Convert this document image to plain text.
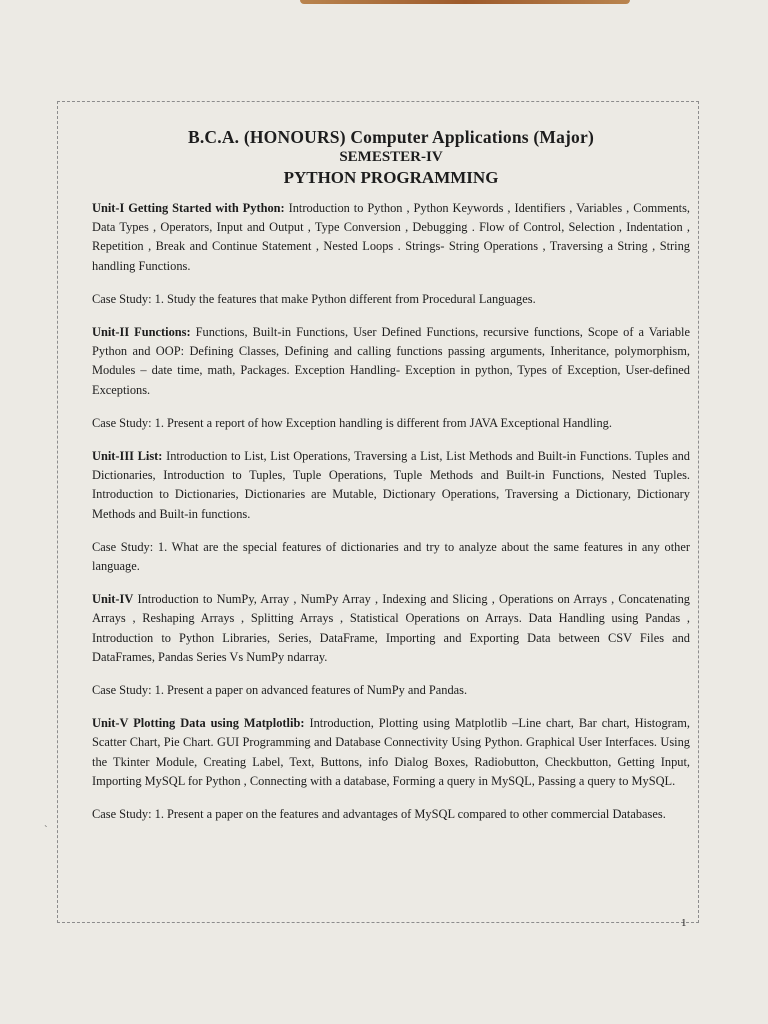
`
B.C.A. (HONOURS) Computer Applications (Major)
SEMESTER-IV
PYTHON PROGRAMMING

Unit-I Getting Started with Python: Introduction to Python , Python Keywords , Identifiers , Variables , Comments, Data Types , Operators, Input and Output , Type Conversion , Debugging . Flow of Control, Selection , Indentation , Repetition , Break and Continue Statement , Nested Loops . Strings- String Operations , Traversing a String , String handling Functions.

Case Study: 1. Study the features that make Python different from Procedural Languages.

Unit-II Functions: Functions, Built-in Functions, User Defined Functions, recursive functions, Scope of a Variable Python and OOP: Defining Classes, Defining and calling functions passing arguments, Inheritance, polymorphism, Modules – date time, math, Packages. Exception Handling- Exception in python, Types of Exception, User-defined Exceptions.

Case Study: 1. Present a report of how Exception handling is different from JAVA Exceptional Handling.

Unit-III List: Introduction to List, List Operations, Traversing a List, List Methods and Built-in Functions. Tuples and Dictionaries, Introduction to Tuples, Tuple Operations, Tuple Methods and Built-in Functions, Nested Tuples. Introduction to Dictionaries, Dictionaries are Mutable, Dictionary Operations, Traversing a Dictionary, Dictionary Methods and Built-in functions.

Case Study: 1. What are the special features of dictionaries and try to analyze about the same features in any other language.

Unit-IV Introduction to NumPy, Array , NumPy Array , Indexing and Slicing , Operations on Arrays , Concatenating Arrays , Reshaping Arrays , Splitting Arrays , Statistical Operations on Arrays. Data Handling using Pandas , Introduction to Python Libraries, Series, DataFrame, Importing and Exporting Data between CSV Files and DataFrames, Pandas Series Vs NumPy ndarray.

Case Study: 1. Present a paper on advanced features of NumPy and Pandas.

Unit-V Plotting Data using Matplotlib: Introduction, Plotting using Matplotlib –Line chart, Bar chart, Histogram, Scatter Chart, Pie Chart. GUI Programming and Database Connectivity Using Python. Graphical User Interfaces. Using the Tkinter Module, Creating Label, Text, Buttons, info Dialog Boxes, Radiobutton, Checkbutton, Getting Input, Importing MySQL for Python , Connecting with a database, Forming a query in MySQL, Passing a query to MySQL.

Case Study: 1. Present a paper on the features and advantages of MySQL compared to other commercial Databases.

1
